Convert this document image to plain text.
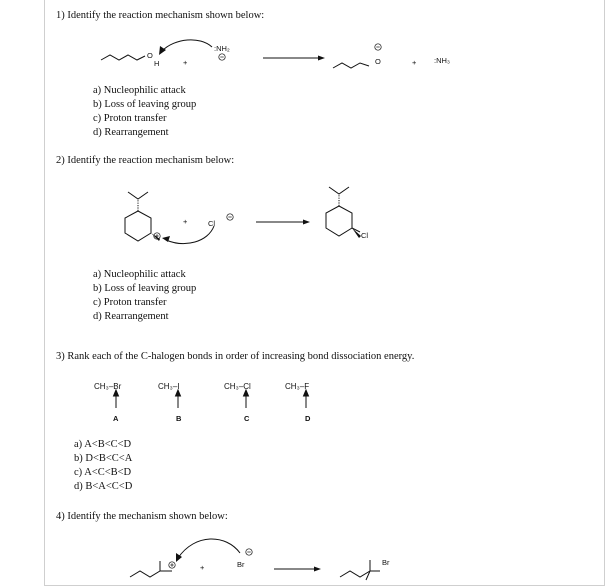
1) Identify the reaction mechanism shown below:
O
H	+
:NH₂
O	+ :NH₃
a) Nucleophilic attack
b) Loss of leaving group
c) Proton transfer
d) Rearrangement
2) Identify the reaction mechanism below:
+	Cl
Cl
a) Nucleophilic attack
b) Loss of leaving group
c) Proton transfer
d) Rearrangement
3) Rank each of the C-halogen bonds in order of increasing bond dissociation energy.
CH₃–Br	CH₃–I	CH₃–Cl	CH₃–F
A	B	C	D
a) A<B<C<D
b) D<B<C<A
c) A<C<B<D
d) B<A<C<D
4) Identify the mechanism shown below:
+	Br	Br
